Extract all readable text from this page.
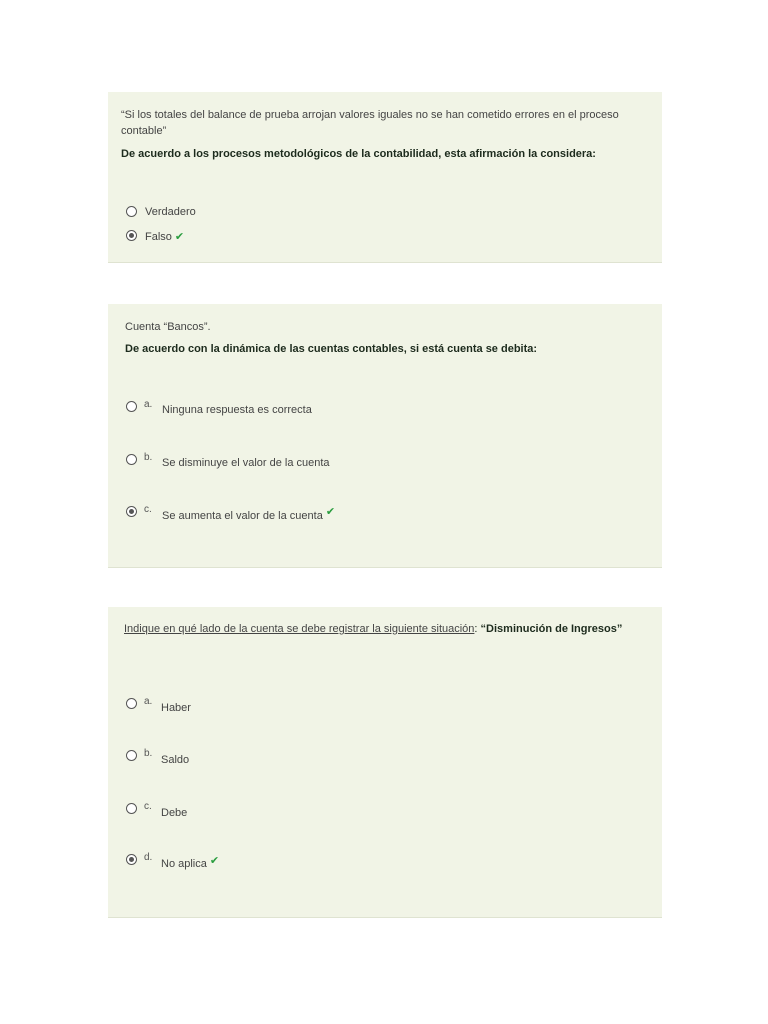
“Si los totales del balance de prueba arrojan valores iguales no se han cometido errores en el proceso contable”
De acuerdo a los procesos metodológicos de la contabilidad, esta afirmación la considera:
Verdadero
Falso ✔
Cuenta “Bancos”.
De acuerdo con la dinámica de las cuentas contables, si está cuenta se debita:
a. Ninguna respuesta es correcta
b. Se disminuye el valor de la cuenta
c.
Se aumenta el valor de la cuenta ✔
Indique en qué lado de la cuenta se debe registrar la siguiente situación: “Disminución de Ingresos”
a.
Haber
b.
Saldo
c.
Debe
d.
No aplica ✔
